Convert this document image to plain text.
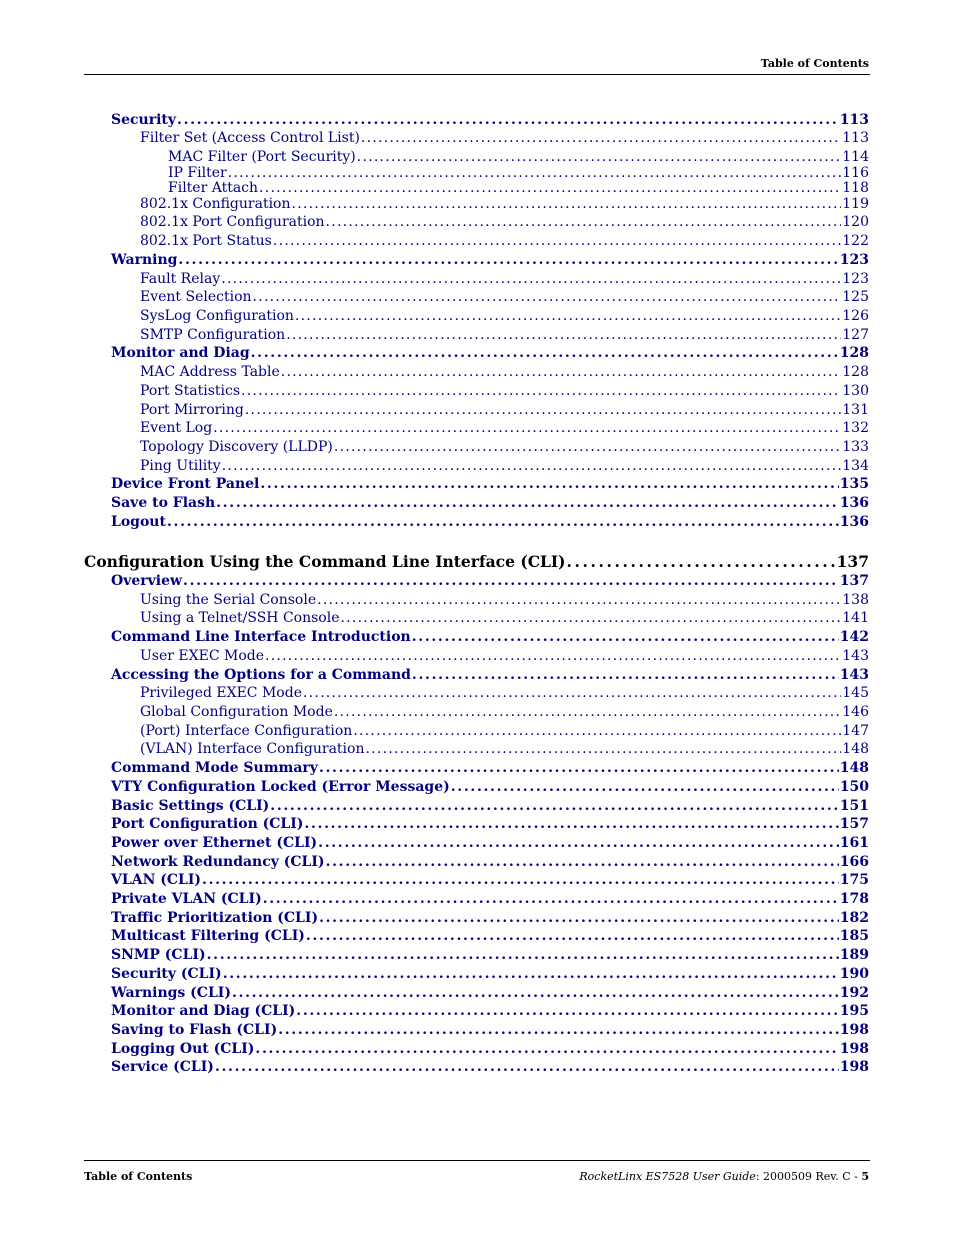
Table of Contents
Security . . .	113
Filter Set (Access Control List) . . .	113
MAC Filter (Port Security) . . .	114
IP Filter . . .	116
Filter Attach . . .	118
802.1x Configuration . . .	119
802.1x Port Configuration . . .	120
802.1x Port Status . . .	122
Warning . . .	123
Fault Relay . . .	123
Event Selection . . .	125
SysLog Configuration . . .	126
SMTP Configuration . . .	127
Monitor and Diag . . .	128
MAC Address Table . . .	128
Port Statistics . . .	130
Port Mirroring . . .	131
Event Log . . .	132
Topology Discovery (LLDP) . . .	133
Ping Utility . . .	134
Device Front Panel . . .	135
Save to Flash . . .	136
Logout . . .	136
Configuration Using the Command Line Interface (CLI) . . .	137
Overview . . .	137
Using the Serial Console . . .	138
Using a Telnet/SSH Console . . .	141
Command Line Interface Introduction . . .	142
User EXEC Mode . . .	143
Accessing the Options for a Command . . .	143
Privileged EXEC Mode . . .	145
Global Configuration Mode . . .	146
(Port) Interface Configuration . . .	147
(VLAN) Interface Configuration . . .	148
Command Mode Summary . . .	148
VTY Configuration Locked (Error Message) . . .	150
Basic Settings (CLI) . . .	151
Port Configuration (CLI) . . .	157
Power over Ethernet (CLI) . . .	161
Network Redundancy (CLI) . . .	166
VLAN (CLI) . . .	175
Private VLAN (CLI) . . .	178
Traffic Prioritization (CLI) . . .	182
Multicast Filtering (CLI) . . .	185
SNMP (CLI) . . .	189
Security (CLI) . . .	190
Warnings (CLI) . . .	192
Monitor and Diag (CLI) . . .	195
Saving to Flash (CLI) . . .	198
Logging Out (CLI) . . .	198
Service (CLI) . . .	198
Table of Contents	RocketLinx ES7528 User Guide: 2000509 Rev. C - 5
